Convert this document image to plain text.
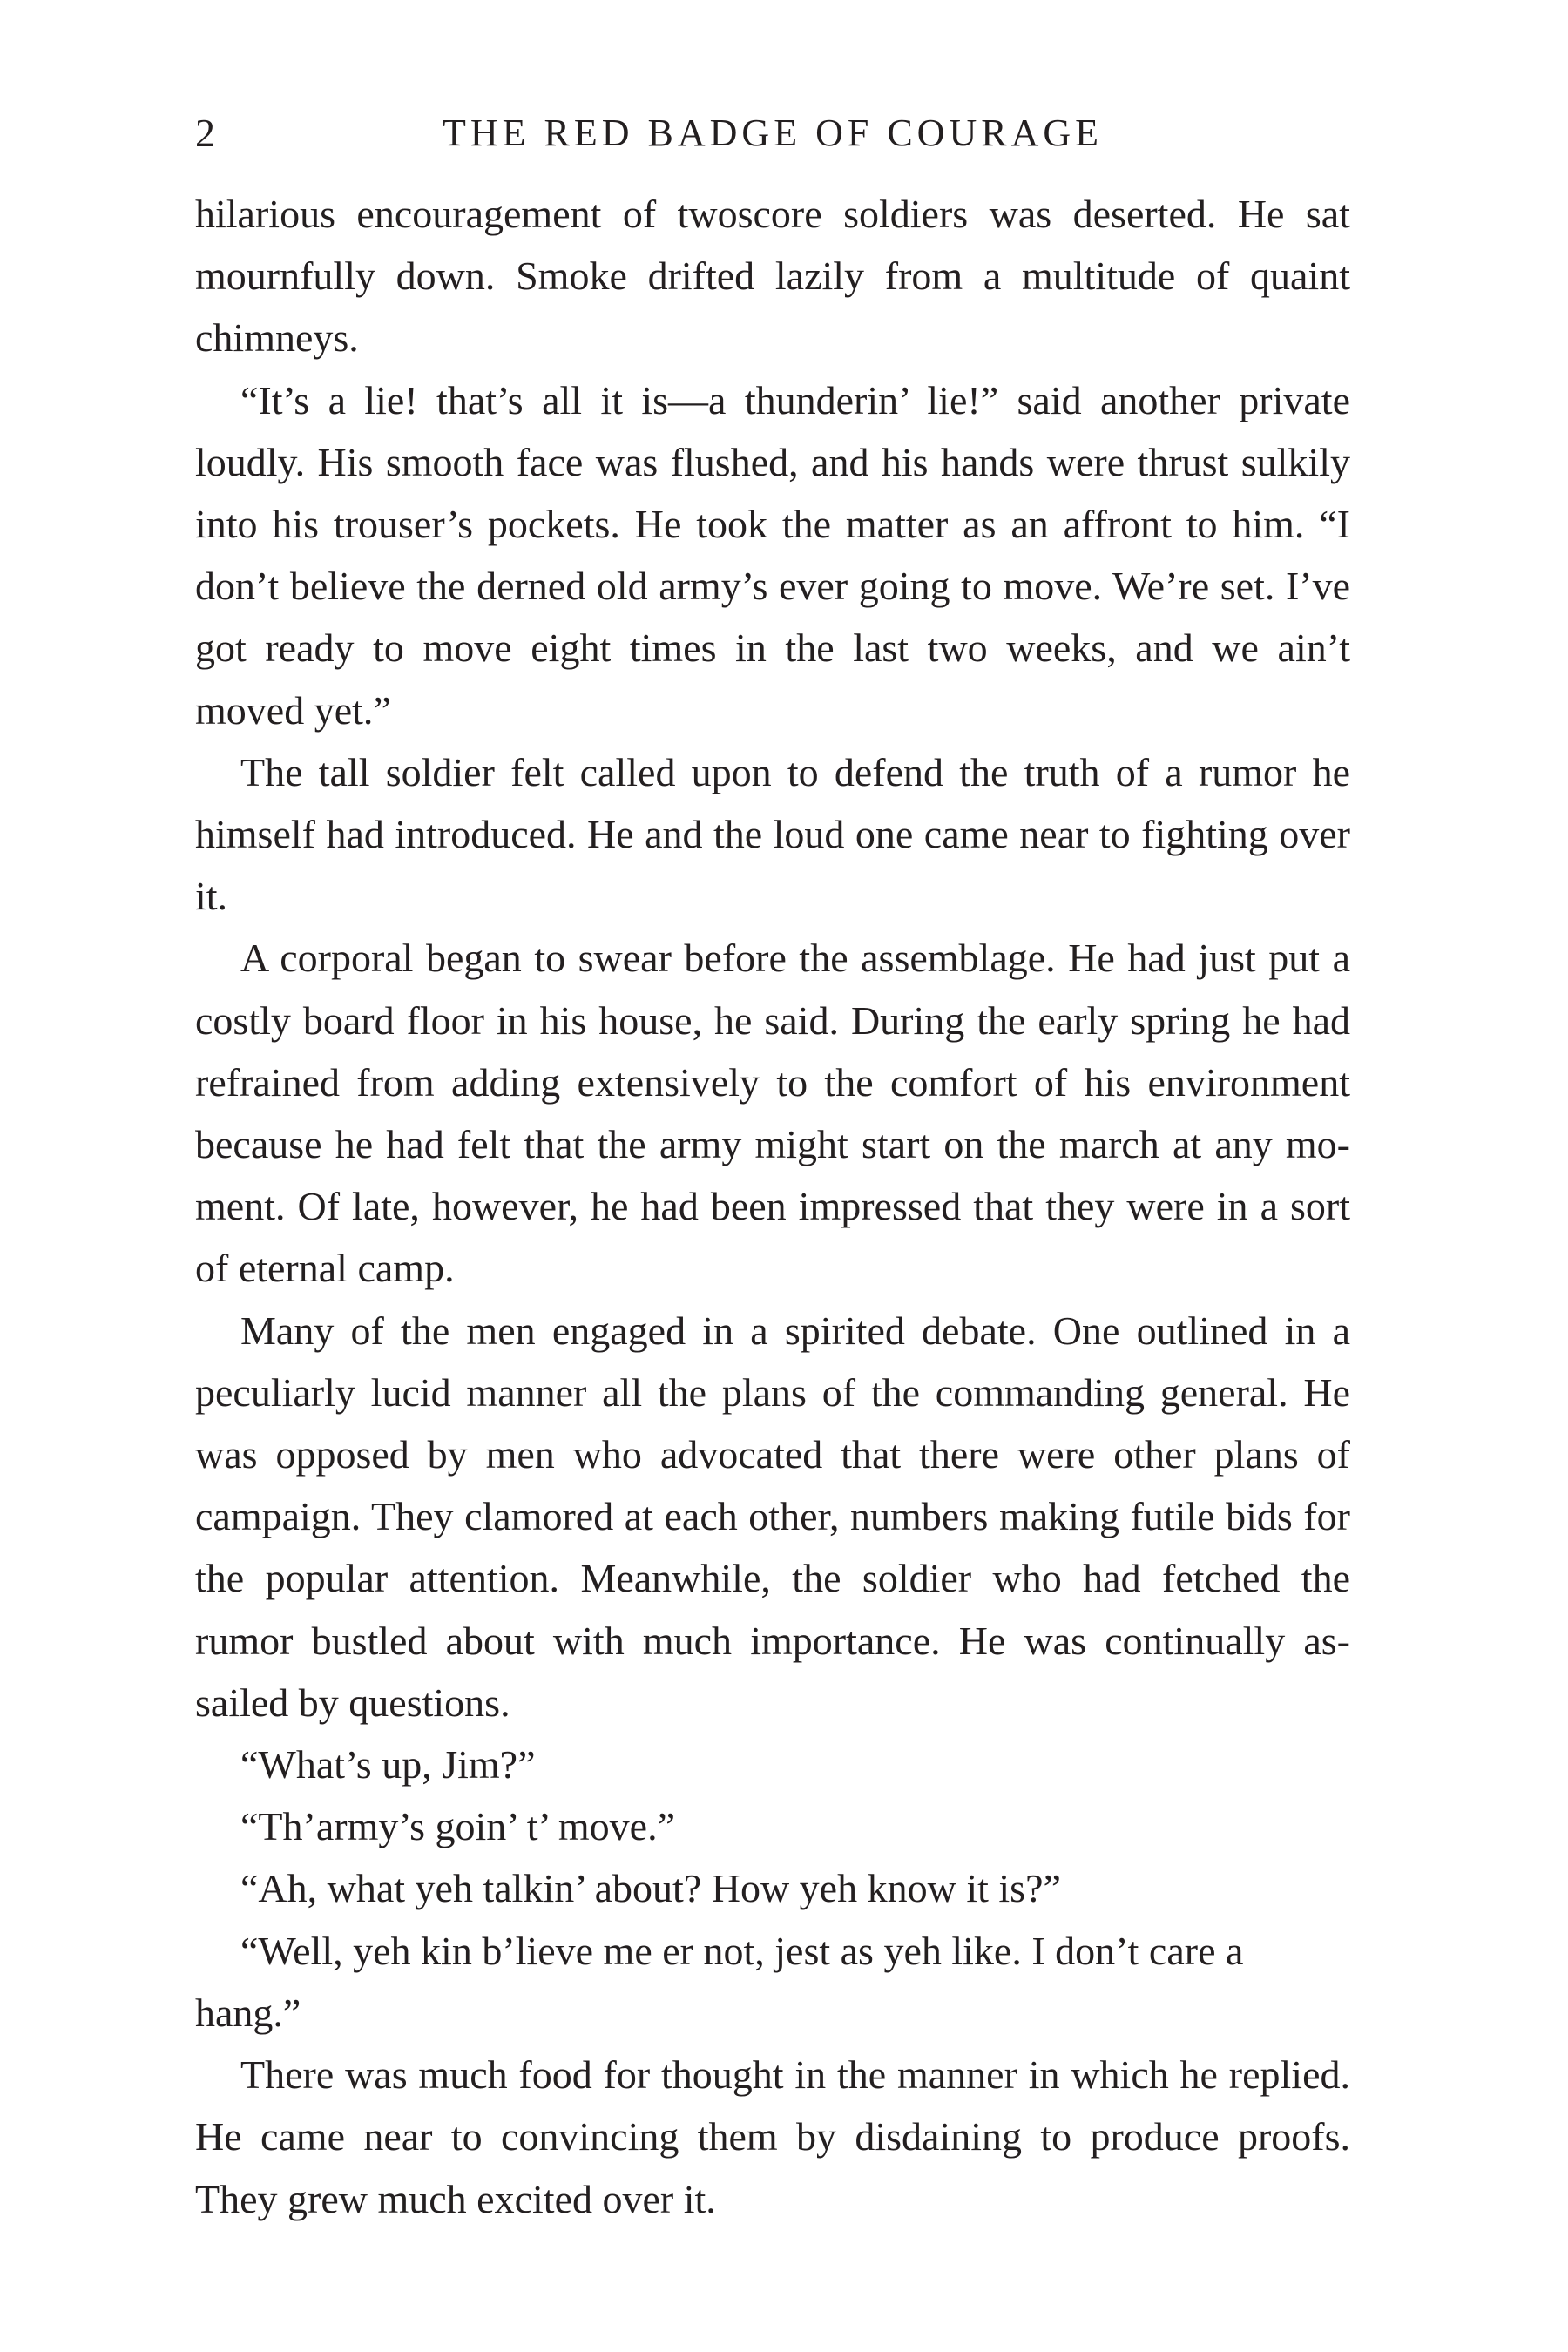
2	THE RED BADGE OF COURAGE

hilarious encouragement of twoscore soldiers was deserted. He sat mournfully down. Smoke drifted lazily from a multitude of quaint chimneys.

“It’s a lie! that’s all it is—a thunderin’ lie!” said another private loudly. His smooth face was flushed, and his hands were thrust sulkily into his trouser’s pockets. He took the matter as an affront to him. “I don’t believe the derned old army’s ever going to move. We’re set. I’ve got ready to move eight times in the last two weeks, and we ain’t moved yet.”

The tall soldier felt called upon to defend the truth of a rumor he himself had introduced. He and the loud one came near to fighting over it.

A corporal began to swear before the assemblage. He had just put a costly board floor in his house, he said. During the early spring he had refrained from adding extensively to the comfort of his environment because he had felt that the army might start on the march at any moment. Of late, however, he had been impressed that they were in a sort of eternal camp.

Many of the men engaged in a spirited debate. One outlined in a peculiarly lucid manner all the plans of the commanding general. He was opposed by men who advocated that there were other plans of campaign. They clamored at each other, numbers making futile bids for the popular attention. Meanwhile, the soldier who had fetched the rumor bustled about with much importance. He was continually assailed by questions.

“What’s up, Jim?”

“Th’army’s goin’ t’ move.”

“Ah, what yeh talkin’ about? How yeh know it is?”

“Well, yeh kin b’lieve me er not, jest as yeh like. I don’t care a hang.”

There was much food for thought in the manner in which he replied. He came near to convincing them by disdaining to produce proofs. They grew much excited over it.
